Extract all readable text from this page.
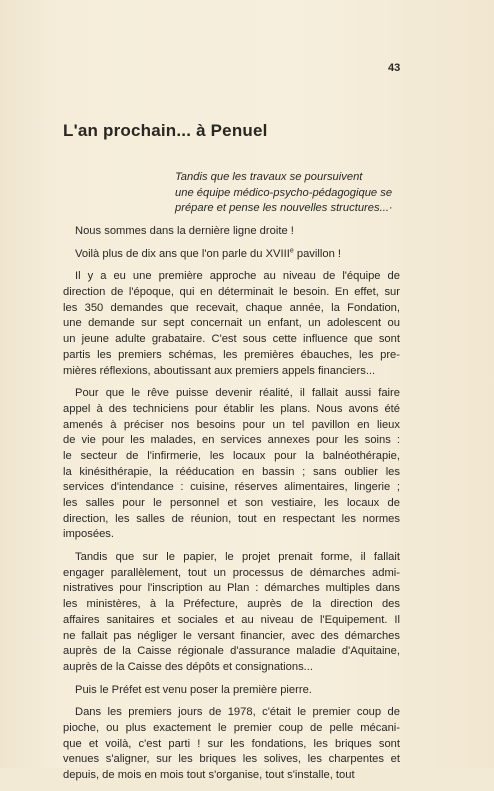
43
L'an prochain... à Penuel
Tandis que les travaux se poursuivent
une équipe médico-psycho-pédagogique se
prépare et pense les nouvelles structures...·
Nous sommes dans la dernière ligne droite !
Voilà plus de dix ans que l'on parle du XVIIIe pavillon !
Il y a eu une première approche au niveau de l'équipe de
direction de l'époque, qui en déterminait le besoin. En effet, sur
les 350 demandes que recevait, chaque année, la Fondation,
une demande sur sept concernait un enfant, un adolescent ou
un jeune adulte grabataire. C'est sous cette influence que sont
partis les premiers schémas, les premières ébauches, les pre-
mières réflexions, aboutissant aux premiers appels financiers...
Pour que le rêve puisse devenir réalité, il fallait aussi faire
appel à des techniciens pour établir les plans. Nous avons été
amenés à préciser nos besoins pour un tel pavillon en lieux
de vie pour les malades, en services annexes pour les soins :
le secteur de l'infirmerie, les locaux pour la balnéothérapie,
la kinésithérapie, la rééducation en bassin ; sans oublier les
services d'intendance : cuisine, réserves alimentaires, lingerie ;
les salles pour le personnel et son vestiaire, les locaux de
direction, les salles de réunion, tout en respectant les normes
imposées.
Tandis que sur le papier, le projet prenait forme, il fallait
engager parallèlement, tout un processus de démarches admi-
nistratives pour l'inscription au Plan : démarches multiples dans
les ministères, à la Préfecture, auprès de la direction des
affaires sanitaires et sociales et au niveau de l'Equipement. Il
ne fallait pas négliger le versant financier, avec des démarches
auprès de la Caisse régionale d'assurance maladie d'Aquitaine,
auprès de la Caisse des dépôts et consignations...
Puis le Préfet est venu poser la première pierre.
Dans les premiers jours de 1978, c'était le premier coup de
pioche, ou plus exactement le premier coup de pelle mécani-
que et voilà, c'est parti ! sur les fondations, les briques sont
venues s'aligner, sur les briques les solives, les charpentes et
depuis, de mois en mois tout s'organise, tout s'installe, tout
